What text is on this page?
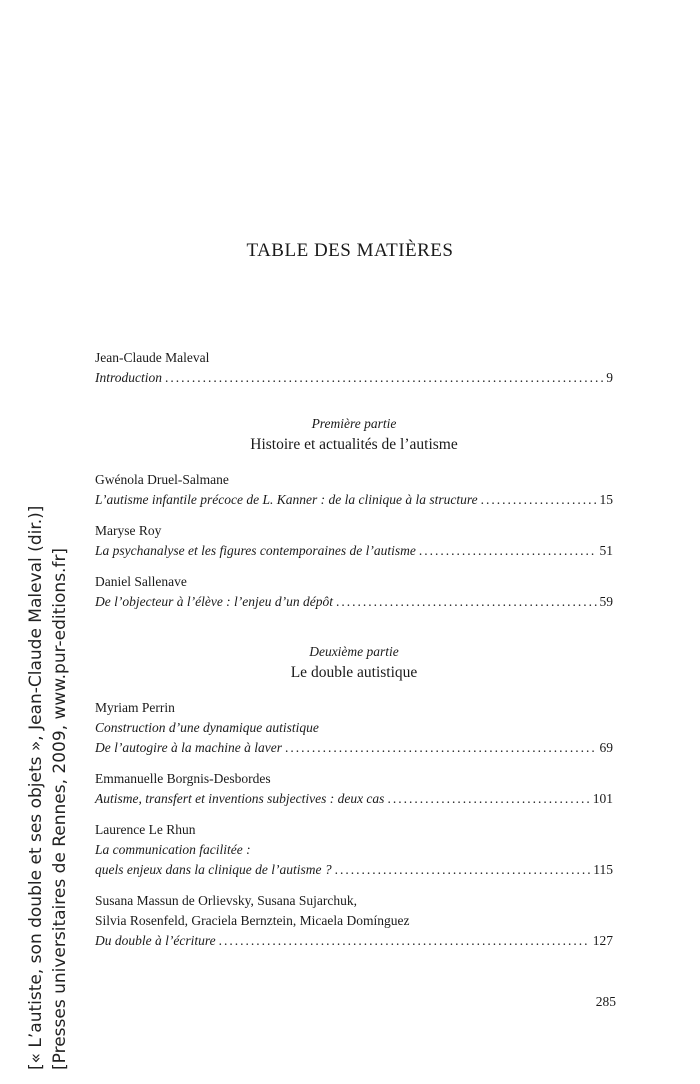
TABLE DES MATIÈRES
Jean-Claude Maleval
Introduction .....	9
Première partie
Histoire et actualités de l’autisme
Gwénola Druel-Salmane
L’autisme infantile précoce de L. Kanner : de la clinique à la structure .....	15
Maryse Roy
La psychanalyse et les figures contemporaines de l’autisme .....	51
Daniel Sallenave
De l’objecteur à l’élève : l’enjeu d’un dépôt .....	59
Deuxième partie
Le double autistique
Myriam Perrin
Construction d’une dynamique autistique
De l’autogire à la machine à laver .....	69
Emmanuelle Borgnis-Desbordes
Autisme, transfert et inventions subjectives : deux cas .....	101
Laurence Le Rhun
La communication facilitée :
quels enjeux dans la clinique de l’autisme ? .....	115
Susana Massun de Orlievsky, Susana Sujarchuk,
Silvia Rosenfeld, Graciela Bernztein, Micaela Domínguez
Du double à l’écriture .....	127
285
[« L’autiste, son double et ses objets », Jean-Claude Maleval (dir.)] [Presses universitaires de Rennes, 2009, www.pur-editions.fr]
